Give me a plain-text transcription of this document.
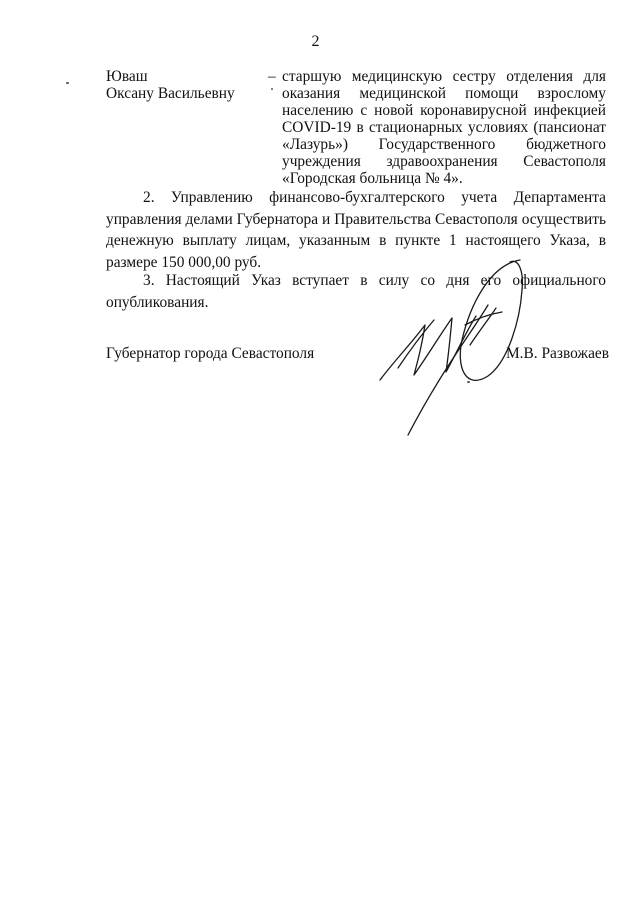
2
Юваш
Оксану Васильевну
– старшую медицинскую сестру отделения для оказания медицинской помощи взрослому населению с новой коронавирусной инфекцией COVID-19 в стационарных условиях (пансионат «Лазурь») Государственного бюджетного учреждения здравоохранения Севастополя «Городская больница № 4».
2. Управлению финансово-бухгалтерского учета Департамента управления делами Губернатора и Правительства Севастополя осуществить денежную выплату лицам, указанным в пункте 1 настоящего Указа, в размере 150 000,00 руб.
3. Настоящий Указ вступает в силу со дня его официального опубликования.
Губернатор города Севастополя	М.В. Развожаев
